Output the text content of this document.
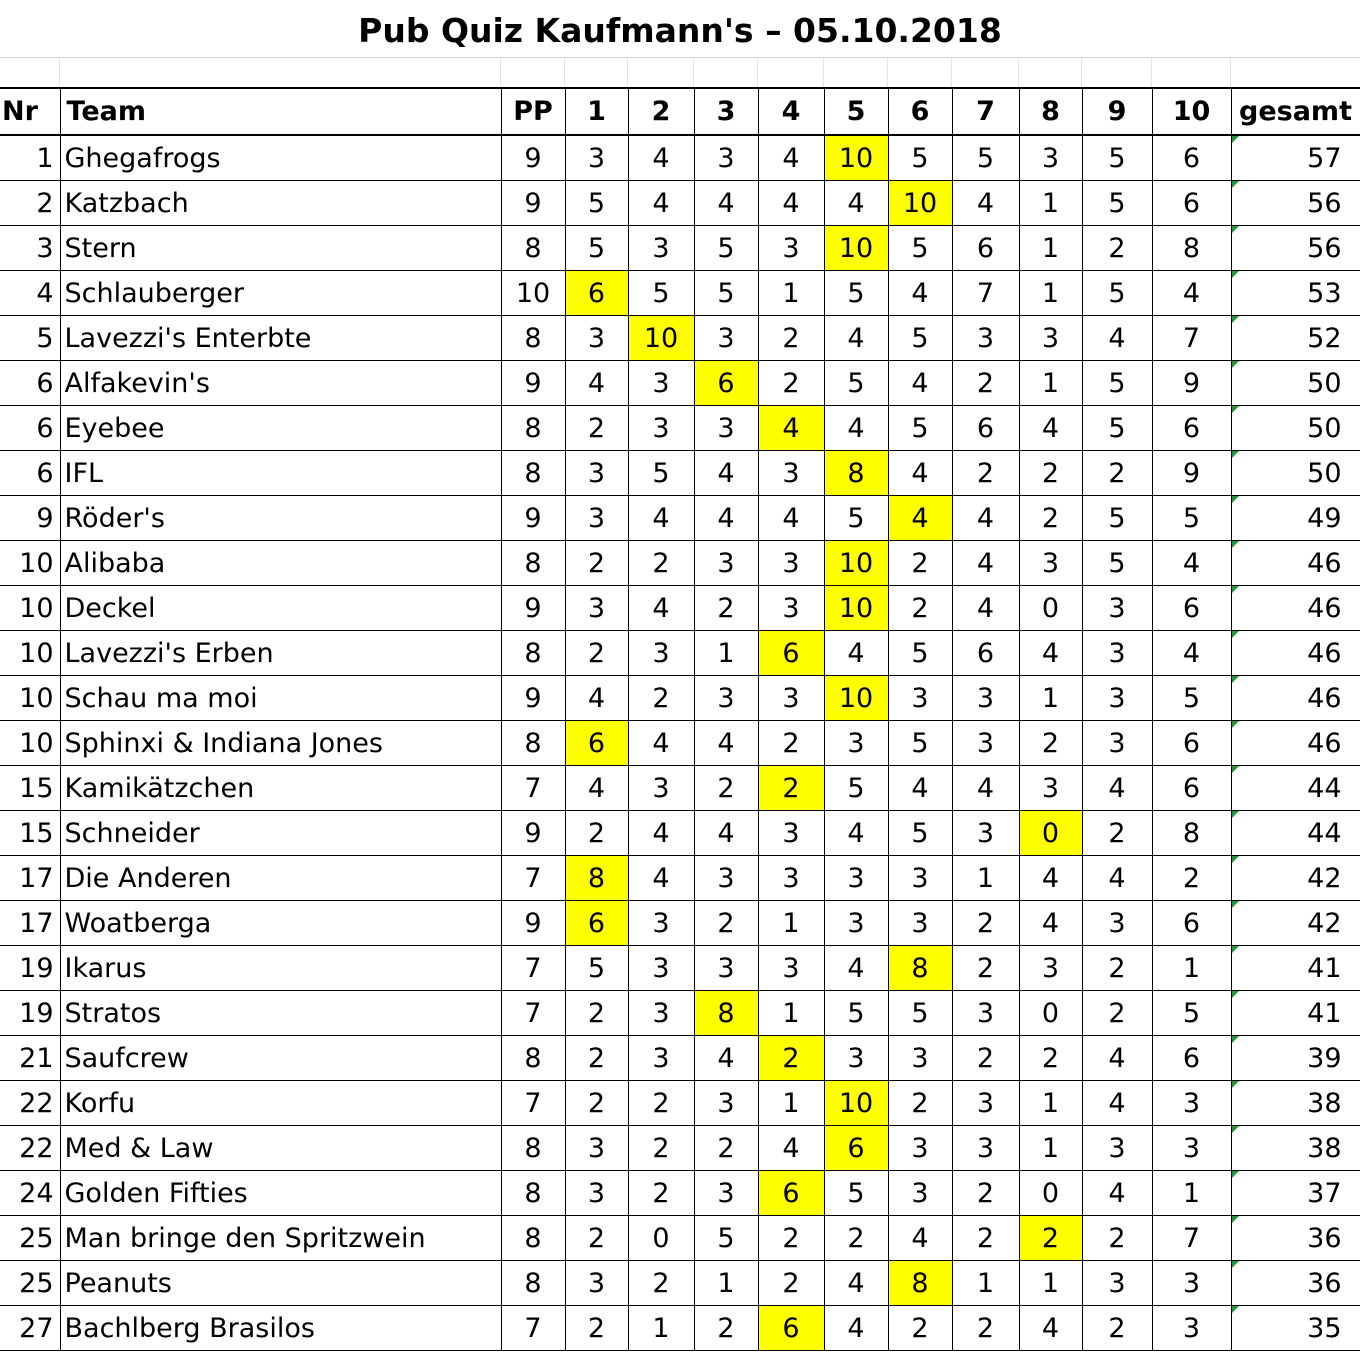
Pub Quiz Kaufmann's – 05.10.2018
Nr	Team	PP	1	2	3	4	5	6	7	8	9	10	gesamt
1	Ghegafrogs	9	3	4	3	4	10	5	5	3	5	6	57
2	Katzbach	9	5	4	4	4	4	10	4	1	5	6	56
3	Stern	8	5	3	5	3	10	5	6	1	2	8	56
4	Schlauberger	10	6	5	5	1	5	4	7	1	5	4	53
5	Lavezzi's Enterbte	8	3	10	3	2	4	5	3	3	4	7	52
6	Alfakevin's	9	4	3	6	2	5	4	2	1	5	9	50
6	Eyebee	8	2	3	3	4	4	5	6	4	5	6	50
6	IFL	8	3	5	4	3	8	4	2	2	2	9	50
9	Röder's	9	3	4	4	4	5	4	4	2	5	5	49
10	Alibaba	8	2	2	3	3	10	2	4	3	5	4	46
10	Deckel	9	3	4	2	3	10	2	4	0	3	6	46
10	Lavezzi's Erben	8	2	3	1	6	4	5	6	4	3	4	46
10	Schau ma moi	9	4	2	3	3	10	3	3	1	3	5	46
10	Sphinxi & Indiana Jones	8	6	4	4	2	3	5	3	2	3	6	46
15	Kamikätzchen	7	4	3	2	2	5	4	4	3	4	6	44
15	Schneider	9	2	4	4	3	4	5	3	0	2	8	44
17	Die Anderen	7	8	4	3	3	3	3	1	4	4	2	42
17	Woatberga	9	6	3	2	1	3	3	2	4	3	6	42
19	Ikarus	7	5	3	3	3	4	8	2	3	2	1	41
19	Stratos	7	2	3	8	1	5	5	3	0	2	5	41
21	Saufcrew	8	2	3	4	2	3	3	2	2	4	6	39
22	Korfu	7	2	2	3	1	10	2	3	1	4	3	38
22	Med & Law	8	3	2	2	4	6	3	3	1	3	3	38
24	Golden Fifties	8	3	2	3	6	5	3	2	0	4	1	37
25	Man bringe den Spritzwein	8	2	0	5	2	2	4	2	2	2	7	36
25	Peanuts	8	3	2	1	2	4	8	1	1	3	3	36
27	Bachlberg Brasilos	7	2	1	2	6	4	2	2	4	2	3	35
